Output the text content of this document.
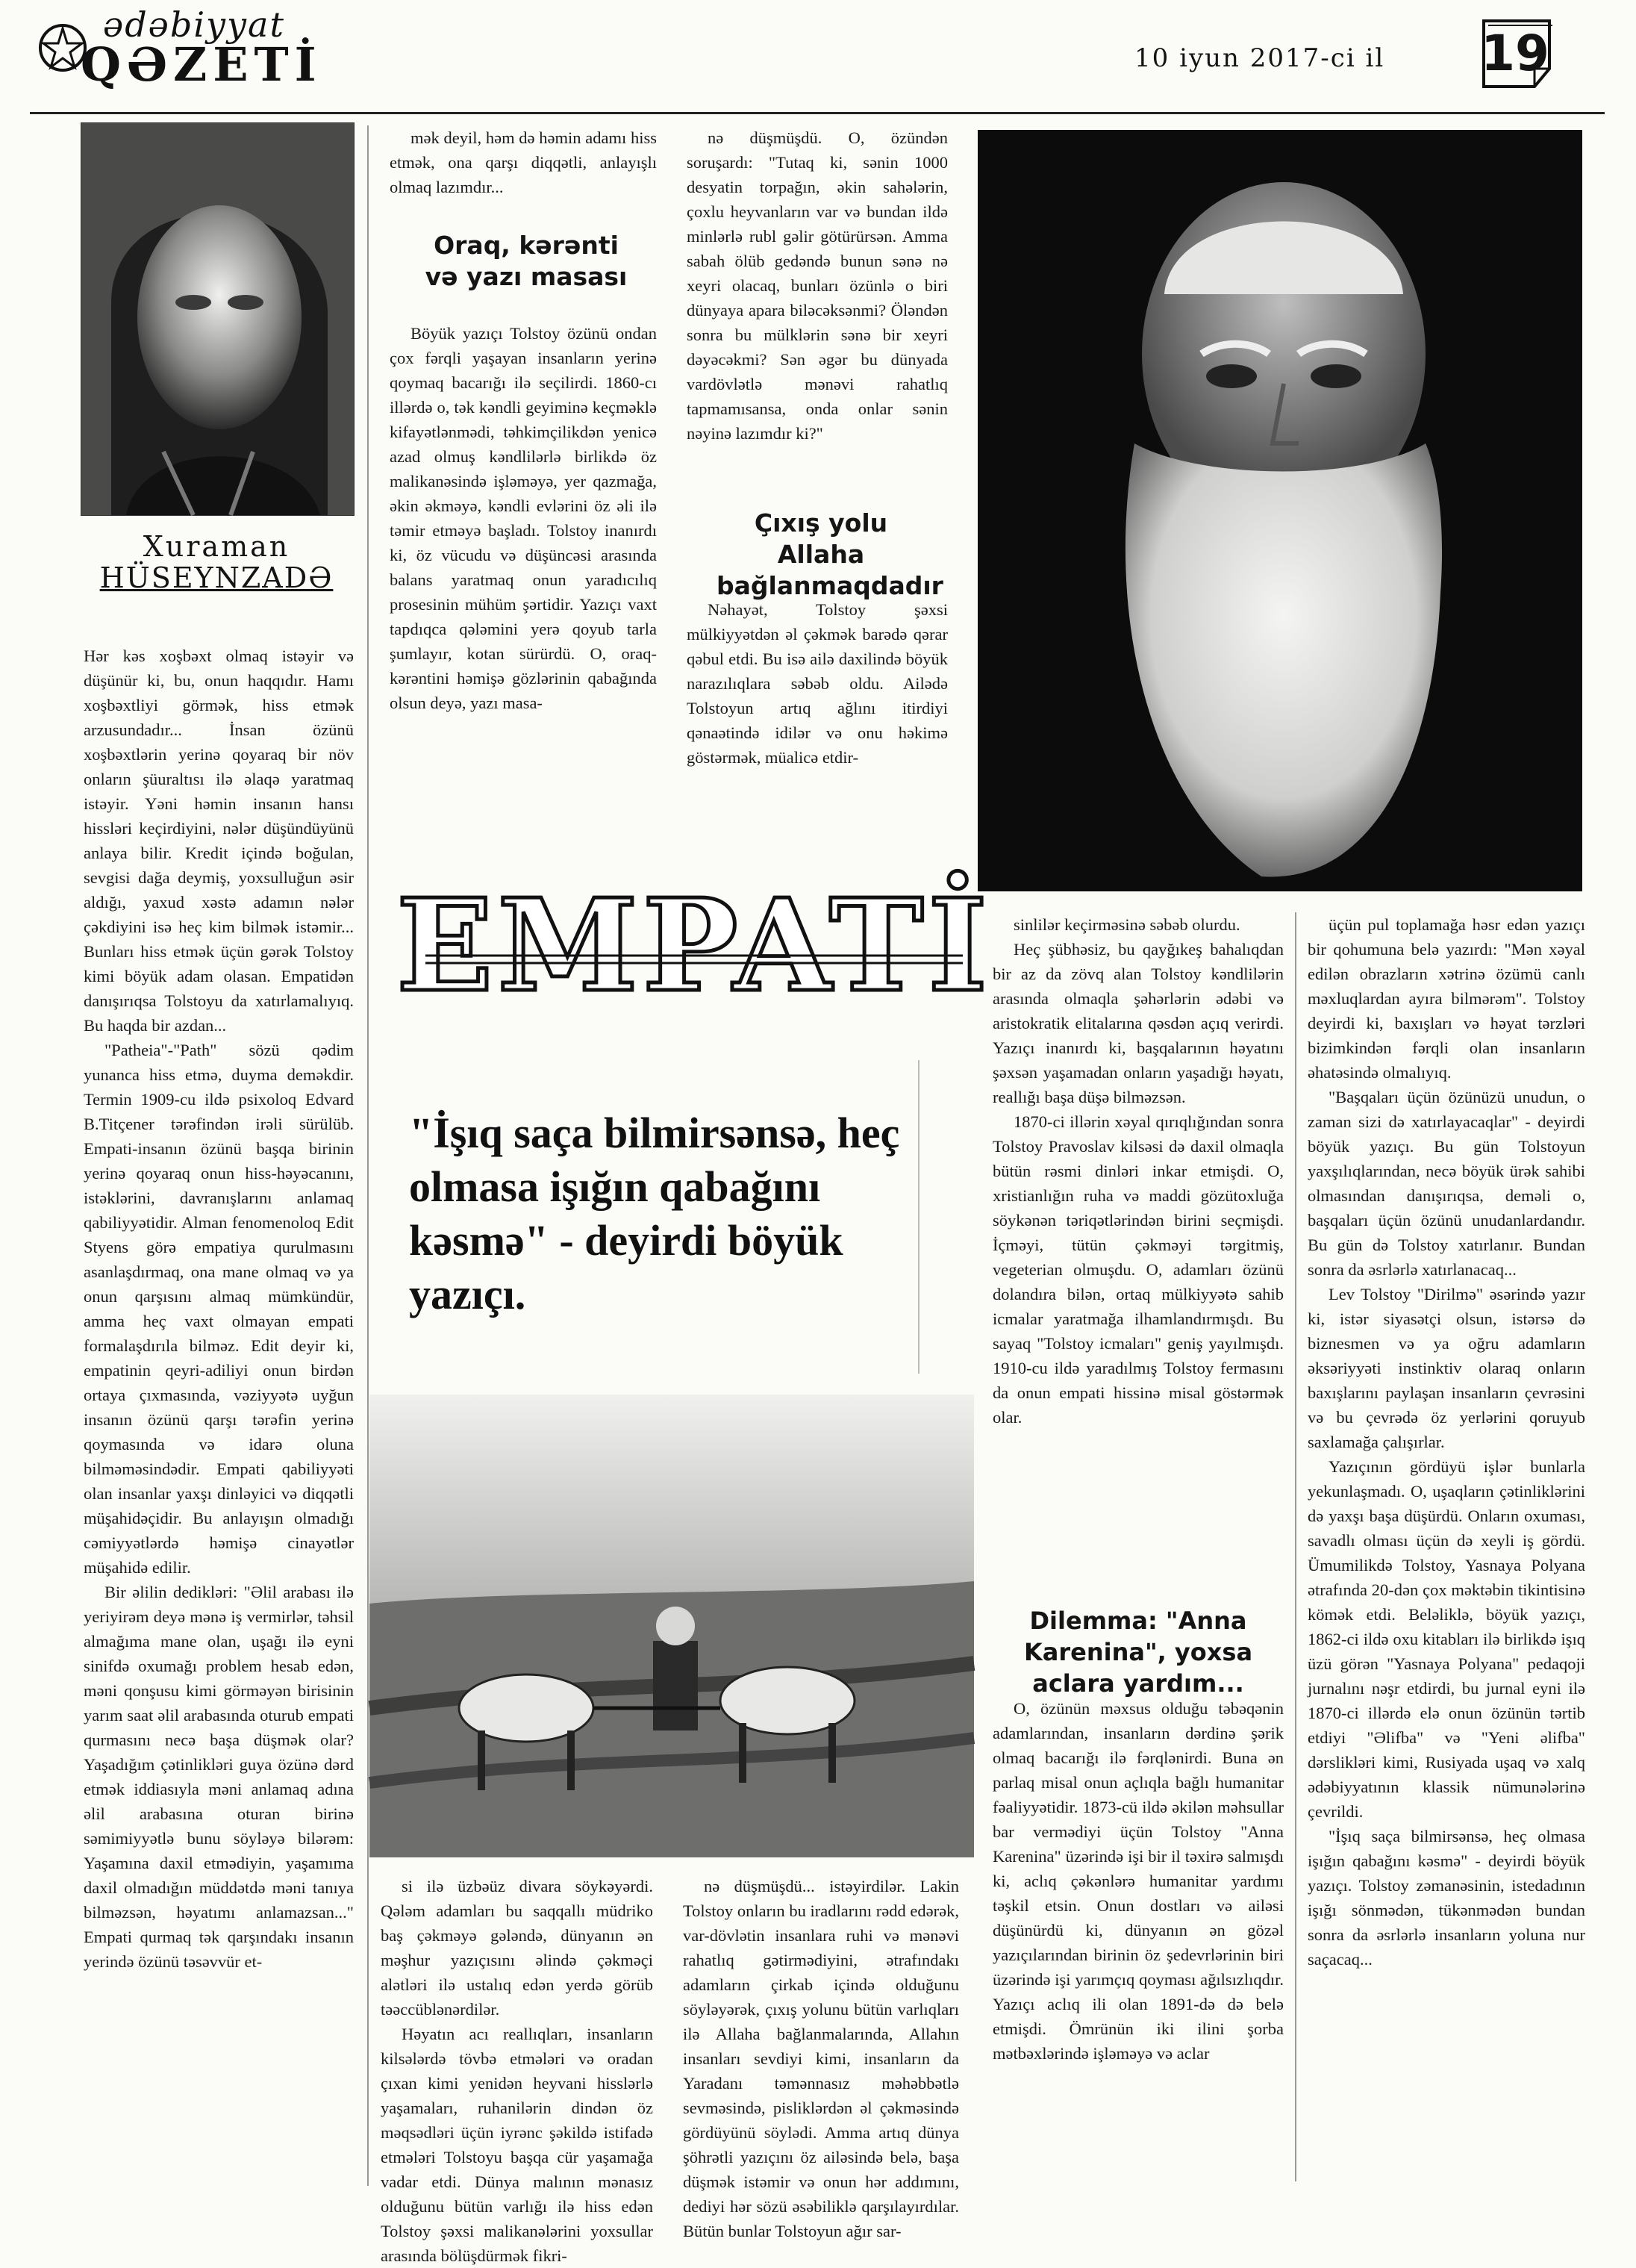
ədəbiyyat
QƏZETİ	10 iyun 2017-ci il 19
Xuraman
HÜSEYNZADƏ

Hər kəs xoşbəxt olmaq istəyir və düşünür ki, bu, onun haqqıdır. Hamı xoşbəxtliyi görmək, hiss etmək arzusundadır... İnsan özünü xoşbəxtlərin yerinə qoyaraq bir növ onların şüuraltısı ilə əlaqə yaratmaq istəyir. Yəni həmin insanın hansı hissləri keçirdiyini, nələr düşündüyünü anlaya bilir. Kredit içində boğulan, sevgisi dağa deymiş, yoxsulluğun əsir aldığı, yaxud xəstə adamın nələr çəkdiyini isə heç kim bilmək istəmir... Bunları hiss etmək üçün gərək Tolstoy kimi böyük adam olasan. Empatidən danışırıqsa Tolstoyu da xatırlamalıyıq. Bu haqda bir azdan...

"Patheia"-"Path" sözü qədim yunanca hiss etmə, duyma deməkdir. Termin 1909-cu ildə psixoloq Edvard B.Titçener tərəfindən irəli sürülüb. Empati-insanın özünü başqa birinin yerinə qoyaraq onun hiss-həyəcanını, istəklərini, davranışlarını anlamaq qabiliyyətidir. Alman fenomenoloq Edit Styens görə empatiya qurulmasını asanlaşdırmaq, ona mane olmaq və ya onun qarşısını almaq mümkündür, amma heç vaxt olmayan empati formalaşdırıla bilməz. Edit deyir ki, empatinin qeyri-adiliyi onun birdən ortaya çıxmasında, vəziyyətə uyğun insanın özünü qarşı tərəfin yerinə qoymasında və idarə oluna bilməməsindədir. Empati qabiliyyəti olan insanlar yaxşı dinləyici və diqqətli müşahidəçidir. Bu anlayışın olmadığı cəmiyyətlərdə həmişə cinayətlər müşahidə edilir.

Bir əlilin dedikləri: "Əlil arabası ilə yeriyirəm deyə mənə iş vermirlər, təhsil almağıma mane olan, uşağı ilə eyni sinifdə oxumağı problem hesab edən, məni qonşusu kimi görməyən birisinin yarım saat əlil arabasında oturub empati qurmasını necə başa düşmək olar? Yaşadığım çətinlikləri guya özünə dərd etmək iddiasıyla məni anlamaq adına əlil arabasına oturan birinə səmimiyyətlə bunu söyləyə bilərəm: Yaşamına daxil etmədiyin, yaşamıma daxil olmadığın müddətdə məni tanıya bilməzsən, həyatımı anlamazsan..." Empati qurmaq tək qarşındakı insanın yerində özünü təsəvvür et-

mək deyil, həm də həmin adamı hiss etmək, ona qarşı diqqətli, anlayışlı olmaq lazımdır...

Oraq, kərənti və yazı masası

Böyük yazıçı Tolstoy özünü ondan çox fərqli yaşayan insanların yerinə qoymaq bacarığı ilə seçilirdi. 1860-cı illərdə o, tək kəndli geyiminə keçməklə kifayətlənmədi, təhkimçilikdən yenicə azad olmuş kəndlilərlə birlikdə öz malikanəsində işləməyə, yer qazmağa, əkin əkməyə, kəndli evlərini öz əli ilə təmir etməyə başladı. Tolstoy inanırdı ki, öz vücudu və düşüncəsi arasında balans yaratmaq onun yaradıcılıq prosesinin mühüm şərtidir. Yazıçı vaxt tapdıqca qələmini yerə qoyub tarla şumlayır, kotan sürürdü. O, oraq-kərəntini həmişə gözlərinin qabağında olsun deyə, yazı masa-

nə düşmüşdü. O, özündən soruşardı: "Tutaq ki, sənin 1000 desyatin torpağın, əkin sahələrin, çoxlu heyvanların var və bundan ildə minlərlə rubl gəlir götürürsən. Amma sabah ölüb gedəndə bunun sənə nə xeyri olacaq, bunları özünlə o biri dünyaya apara biləcəksənmi? Öləndən sonra bu mülklərin sənə bir xeyri dəyəcəkmi? Sən əgər bu dünyada vardövlətlə mənəvi rahatlıq tapmamısansa, onda onlar sənin nəyinə lazımdır ki?"

Çıxış yolu Allaha bağlanmaqdadır

Nəhayət, Tolstoy şəxsi mülkiyyətdən əl çəkmək barədə qərar qəbul etdi. Bu isə ailə daxilində böyük narazılıqlara səbəb oldu. Ailədə Tolstoyun artıq ağlını itirdiyi qənaətində idilər və onu həkimə göstərmək, müalicə etdir-

EMPATİ
"İşıq saça bilmirsənsə, heç olmasa işığın qabağını kəsmə" - deyirdi böyük yazıçı.

si ilə üzbəüz divara söykəyərdi. Qələm adamları bu saqqallı müdriko baş çəkməyə gələndə, dünyanın ən məşhur yazıçısını əlində çəkməçi alətləri ilə ustalıq edən yerdə görüb təəccüblənərdilər.

Həyatın acı reallıqları, insanların kilsələrdə tövbə etmələri və oradan çıxan kimi yenidən heyvani hisslərlə yaşamaları, ruhanilərin dindən öz məqsədləri üçün iyrənc şəkildə istifadə etmələri Tolstoyu başqa cür yaşamağa vadar etdi. Dünya malının mənasız olduğunu bütün varlığı ilə hiss edən Tolstoy şəxsi malikanələrini yoxsullar arasında bölüşdürmək fikri-

nə düşmüşdü... istəyirdilər. Lakin Tolstoy onların bu iradlarını rədd edərək, var-dövlətin insanlara ruhi və mənəvi rahatlıq gətirmədiyini, ətrafındakı adamların çirkab içində olduğunu söyləyərək, çıxış yolunu bütün varlıqları ilə Allaha bağlanmalarında, Allahın insanları sevdiyi kimi, insanların da Yaradanı təmənnasız məhəbbətlə sevməsində, pisliklərdən əl çəkməsində gördüyünü söylədi. Amma artıq dünya şöhrətli yazıçını öz ailəsində belə, başa düşmək istəmir və onun hər addımını, dediyi hər sözü əsəbiliklə qarşılayırdılar. Bütün bunlar Tolstoyun ağır sar-

sinlilər keçirməsinə səbəb olurdu.

Heç şübhəsiz, bu qayğıkeş bahalıqdan bir az da zövq alan Tolstoy kəndlilərin arasında olmaqla şəhərlərin ədəbi və aristokratik elitalarına qəsdən açıq verirdi. Yazıçı inanırdı ki, başqalarının həyatını şəxsən yaşamadan onların yaşadığı həyatı, reallığı başa düşə bilməzsən.

1870-ci illərin xəyal qırıqlığından sonra Tolstoy Pravoslav kilsəsi də daxil olmaqla bütün rəsmi dinləri inkar etmişdi. O, xristianlığın ruha və maddi gözütoxluğa söykənən təriqətlərindən birini seçmişdi. İçməyi, tütün çəkməyi tərgitmiş, vegeterian olmuşdu. O, adamları özünü dolandıra bilən, ortaq mülkiyyətə sahib icmalar yaratmağa ilhamlandırmışdı. Bu sayaq "Tolstoy icmaları" geniş yayılmışdı. 1910-cu ildə yaradılmış Tolstoy fermasını da onun empati hissinə misal göstərmək olar.

Dilemma: "Anna Karenina", yoxsa aclara yardım...

O, özünün məxsus olduğu təbəqənin adamlarından, insanların dərdinə şərik olmaq bacarığı ilə fərqlənirdi. Buna ən parlaq misal onun açlıqla bağlı humanitar fəaliyyətidir. 1873-cü ildə əkilən məhsullar bar vermədiyi üçün Tolstoy "Anna Karenina" üzərində işi bir il təxirə salmışdı ki, aclıq çəkənlərə humanitar yardımı təşkil etsin. Onun dostları və ailəsi düşünürdü ki, dünyanın ən gözəl yazıçılarından birinin öz şedevrlərinin biri üzərində işi yarımçıq qoyması ağılsızlıqdır. Yazıçı aclıq ili olan 1891-də də belə etmişdi. Ömrünün iki ilini şorba mətbəxlərində işləməyə və aclar

üçün pul toplamağa həsr edən yazıçı bir qohumuna belə yazırdı: "Mən xəyal edilən obrazların xətrinə özümü canlı məxluqlardan ayıra bilmərəm". Tolstoy deyirdi ki, baxışları və həyat tərzləri bizimkindən fərqli olan insanların əhatəsində olmalıyıq.

"Başqaları üçün özünüzü unudun, o zaman sizi də xatırlayacaqlar" - deyirdi böyük yazıçı. Bu gün Tolstoyun yaxşılıqlarından, necə böyük ürək sahibi olmasından danışırıqsa, deməli o, başqaları üçün özünü unudanlardandır. Bu gün də Tolstoy xatırlanır. Bundan sonra da əsrlərlə xatırlanacaq...

Lev Tolstoy "Dirilmə" əsərində yazır ki, istər siyasətçi olsun, istərsə də biznesmen və ya oğru adamların əksəriyyəti instinktiv olaraq onların baxışlarını paylaşan insanların çevrəsini və bu çevrədə öz yerlərini qoruyub saxlamağa çalışırlar.

Yazıçının gördüyü işlər bunlarla yekunlaşmadı. O, uşaqların çətinliklərini də yaxşı başa düşürdü. Onların oxuması, savadlı olması üçün də xeyli iş gördü. Ümumilikdə Tolstoy, Yasnaya Polyana ətrafında 20-dən çox məktəbin tikintisinə kömək etdi. Beləliklə, böyük yazıçı, 1862-ci ildə oxu kitabları ilə birlikdə işıq üzü görən "Yasnaya Polyana" pedaqoji jurnalını nəşr etdirdi, bu jurnal eyni ilə 1870-ci illərdə elə onun özünün tərtib etdiyi "Əlifba" və "Yeni əlifba" dərslikləri kimi, Rusiyada uşaq və xalq ədəbiyyatının klassik nümunələrinə çevrildi.

"İşıq saça bilmirsənsə, heç olmasa işığın qabağını kəsmə" - deyirdi böyük yazıçı. Tolstoy zəmanəsinin, istedadının işığı sönmədən, tükənmədən bundan sonra da əsrlərlə insanların yoluna nur saçacaq...
